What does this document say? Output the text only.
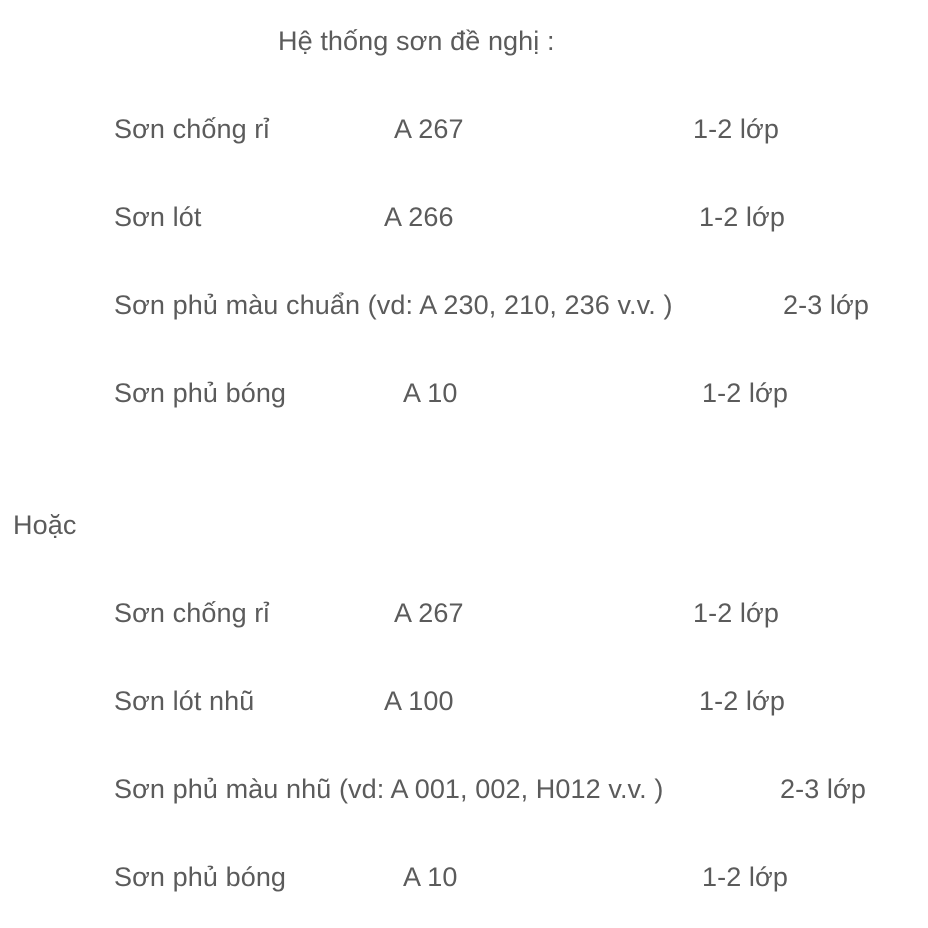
Hệ thống sơn đề nghị :
Sơn chống rỉ	A 267	1-2 lớp
Sơn lót	A 266	1-2 lớp
Sơn phủ màu chuẩn (vd: A 230, 210, 236 v.v. )	2-3 lớp
Sơn phủ bóng	A 10	1-2 lớp
Hoặc
Sơn chống rỉ	A 267	1-2 lớp
Sơn lót nhũ	A 100	1-2 lớp
Sơn phủ màu nhũ (vd: A 001, 002, H012 v.v. )	2-3 lớp
Sơn phủ bóng	A 10	1-2 lớp
